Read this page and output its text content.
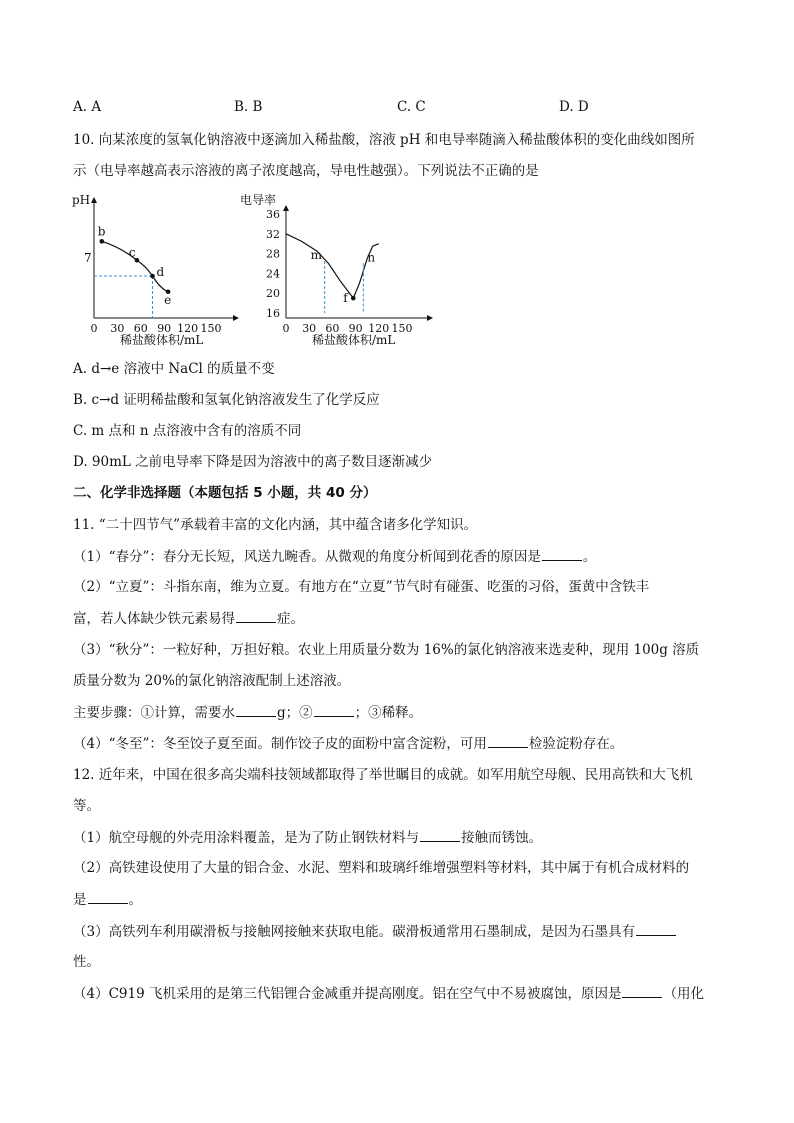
A. A	B. B	C. C	D. D
10. 向某浓度的氢氧化钠溶液中逐滴加入稀盐酸，溶液 pH 和电导率随滴入稀盐酸体积的变化曲线如图所
示（电导率越高表示溶液的离子浓度越高，导电性越强）。下列说法不正确的是
pH
7
0 30 60 90 120 150
b
c
d
e
稀盐酸体积/mL
电导率
16
20
24
28
32
36
0 30 60 90 120 150
m
f
n
稀盐酸体积/mL
A. d→e 溶液中 NaCl 的质量不变
B. c→d 证明稀盐酸和氢氧化钠溶液发生了化学反应
C. m 点和 n 点溶液中含有的溶质不同
D. 90mL 之前电导率下降是因为溶液中的离子数目逐渐减少
二、化学非选择题（本题包括 5 小题，共 40 分）
11. “二十四节气”承载着丰富的文化内涵，其中蕴含诸多化学知识。
（1）“春分”：春分无长短，风送九畹香。从微观的角度分析闻到花香的原因是	。
（2）“立夏”：斗指东南，维为立夏。有地方在“立夏”节气时有碰蛋、吃蛋的习俗，蛋黄中含铁丰
富，若人体缺少铁元素易得	症。
（3）“秋分”：一粒好种，万担好粮。农业上用质量分数为 16%的氯化钠溶液来选麦种，现用 100g 溶质
质量分数为 20%的氯化钠溶液配制上述溶液。
主要步骤：①计算，需要水	g；②	；③稀释。
（4）“冬至”：冬至饺子夏至面。制作饺子皮的面粉中富含淀粉，可用	检验淀粉存在。
12. 近年来，中国在很多高尖端科技领域都取得了举世瞩目的成就。如军用航空母舰、民用高铁和大飞机
等。
（1）航空母舰的外壳用涂料覆盖，是为了防止钢铁材料与	接触而锈蚀。
（2）高铁建设使用了大量的铝合金、水泥、塑料和玻璃纤维增强塑料等材料，其中属于有机合成材料的
是	。
（3）高铁列车利用碳滑板与接触网接触来获取电能。碳滑板通常用石墨制成，是因为石墨具有
性。
（4）C919 飞机采用的是第三代铝锂合金减重并提高刚度。铝在空气中不易被腐蚀，原因是	（用化
